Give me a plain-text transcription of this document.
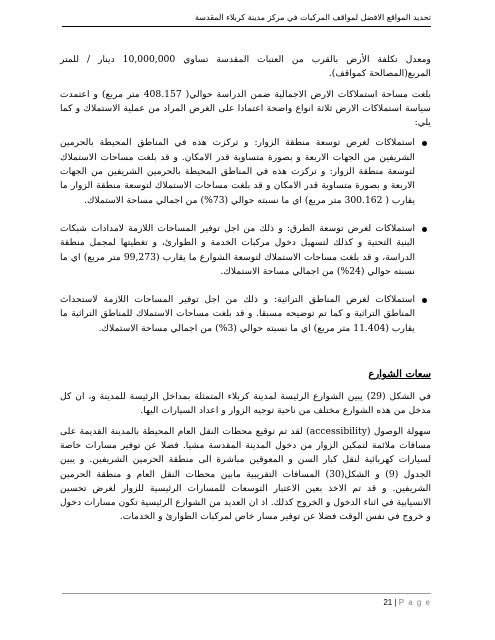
تحديد المواقع الافضل لمواقف المركبات في مركز مدينة كربلاء المقدسة

ومعدل تكلفة الأرض بالقرب من العتبات المقدسة تساوي 10,000,000 دينار / للمتر المربع(المصالحة كمواقف).

بلغت مساحة استملاكات الارض الاجمالية ضمن الدراسة حوالي( 408.157 متر مربع) و اعتمدت سياسة استملاكات الارض ثلاثة انواع واضحة اعتمادا على الغرض المراد من عملية الاستملاك و كما يلي:

استملاكات لغرض توسعة منطقة الزوار: و تركزت هذه في المناطق المحيطة بالحرمين الشريفين من الجهات الاربعة و بصورة متساوية قدر الامكان. و قد بلغت مساحات الاستملاك لتوسعة منطقة الزوار: و تركزت هذه في المناطق المحيطة بالحرمين الشريفين من الجهات الاربعة و بصورة متساوية قدر الامكان و قد بلغت مساحات الاستملاك لتوسعة منطقة الزوار ما يقارب ( 300.162 متر مربع) اي ما نسبته حوالي (73%) من اجمالي مساحة الاستملاك.

استملاكات لغرض توسعة الطرق: و ذلك من اجل توفير المساحات اللازمة لامدادات شبكات البنية التحتية و كذلك لتسهيل دخول مركبات الخدمة و الطوارئ، و تغطيتها لمجمل منطقة الدراسة، و قد بلغت مساحات الاستملاك لتوسعة الشوارع ما يقارب (99,273 متر مربع) اي ما نسبته حوالي (24%) من اجمالي مساحة الاستملاك.

استملاكات لغرض المناطق التراثية: و ذلك من اجل توفير المساحات اللازمة لاستحداث المناطق التراثية و كما تم توضيحه مسبقا. و قد بلغت مساحات الاستملاك للمناطق التراثية ما يقارب (11.404 متر مربع) اي ما نسبته حوالي (3%) من اجمالي مساحة الاستملاك.

سعات الشوارع

في الشكل (29) يبين الشوارع الرئيسة لمدينة كربلاء المتمثلة بمداخل الرئيسة للمدينة و، ان كل مدخل من هذه الشوارع مختلف من ناحية توجيه الزوار و اعداد السيارات اليها.

سهولة الوصول (accessibility) لقد تم توقيع محطات النقل العام المحيطة بالمدينة القديمة على مسافات ملائمة لتمكين الزوار من دخول المدينة المقدسة مشيا. فضلا عن توفير مسارات خاصة لسيارات كهربائية لنقل كبار السن و المعوقين مباشرة الى منطقة الحرمين الشريفين. و يبين الجدول (9) و الشكل(30) المسافات التقريبية مابين محطات النقل العام و منطقة الحرمين الشريفين. و قد تم الاخذ بعين الاعتبار التوسعات للمسارات الرئيسية للزوار لغرض تحسين الانسيابية في اثناء الدخول و الخروج كذلك. اذ ان العديد من الشوارع الرئيسية تكون مسارات دخول و خروج في نفس الوقت فضلا عن توفير مسار خاص لمركبات الطوارئ و الخدمات.

21 | P a g e
